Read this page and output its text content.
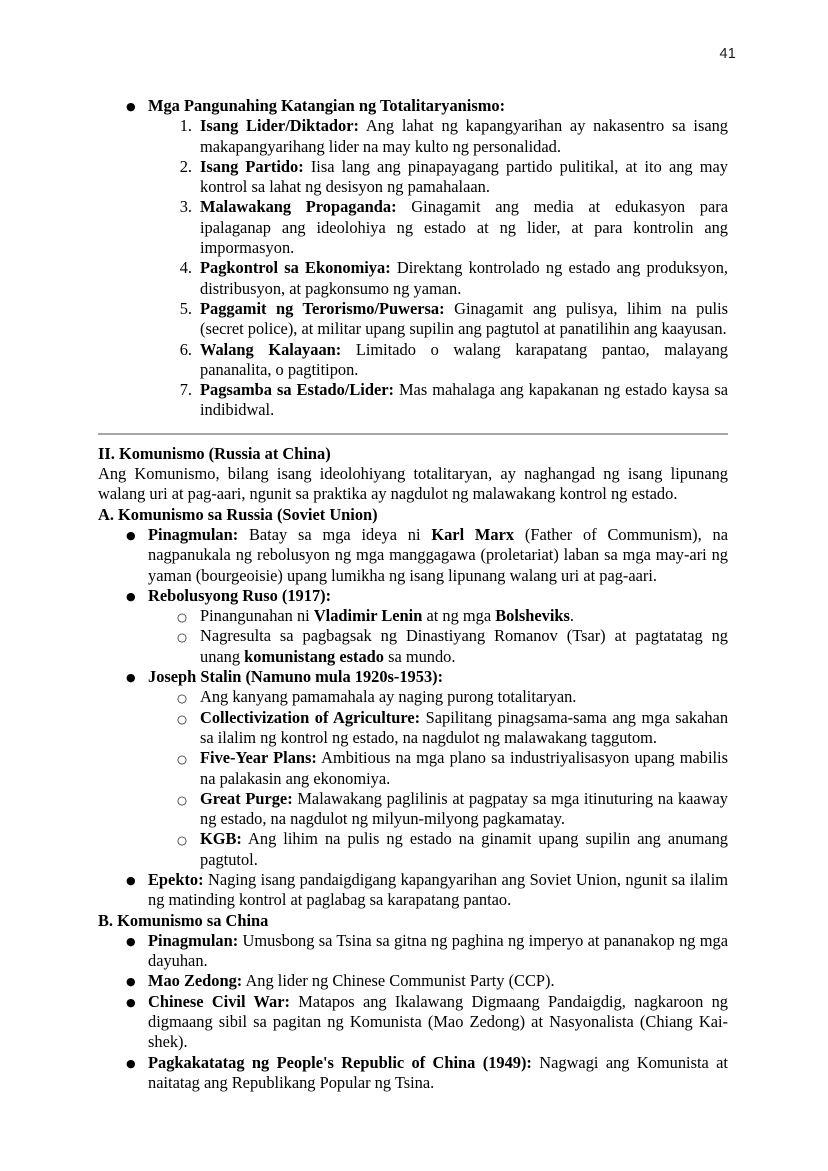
41
● Mga Pangunahing Katangian ng Totalitaryanismo:
1. Isang Lider/Diktador: Ang lahat ng kapangyarihan ay nakasentro sa isang makapangyarihang lider na may kulto ng personalidad.
2. Isang Partido: Iisa lang ang pinapayagang partido pulitikal, at ito ang may kontrol sa lahat ng desisyon ng pamahalaan.
3. Malawakang Propaganda: Ginagamit ang media at edukasyon para ipalaganap ang ideolohiya ng estado at ng lider, at para kontrolin ang impormasyon.
4. Pagkontrol sa Ekonomiya: Direktang kontrolado ng estado ang produksyon, distribusyon, at pagkonsumo ng yaman.
5. Paggamit ng Terorismo/Puwersa: Ginagamit ang pulisya, lihim na pulis (secret police), at militar upang supilin ang pagtutol at panatilihin ang kaayusan.
6. Walang Kalayaan: Limitado o walang karapatang pantao, malayang pananalita, o pagtitipon.
7. Pagsamba sa Estado/Lider: Mas mahalaga ang kapakanan ng estado kaysa sa indibidwal.

II. Komunismo (Russia at China)

Ang Komunismo, bilang isang ideolohiyang totalitaryan, ay naghangad ng isang lipunang walang uri at pag-aari, ngunit sa praktika ay nagdulot ng malawakang kontrol ng estado.

A. Komunismo sa Russia (Soviet Union)

● Pinagmulan: Batay sa mga ideya ni Karl Marx (Father of Communism), na nagpanukala ng rebolusyon ng mga manggagawa (proletariat) laban sa mga may-ari ng yaman (bourgeoisie) upang lumikha ng isang lipunang walang uri at pag-aari.
● Rebolusyong Ruso (1917):
○ Pinangunahan ni Vladimir Lenin at ng mga Bolsheviks.
○ Nagresulta sa pagbagsak ng Dinastiyang Romanov (Tsar) at pagtatatag ng unang komunistang estado sa mundo.
● Joseph Stalin (Namuno mula 1920s-1953):
○ Ang kanyang pamamahala ay naging purong totalitaryan.
○ Collectivization of Agriculture: Sapilitang pinagsama-sama ang mga sakahan sa ilalim ng kontrol ng estado, na nagdulot ng malawakang taggutom.
○ Five-Year Plans: Ambitious na mga plano sa industriyalisasyon upang mabilis na palakasin ang ekonomiya.
○ Great Purge: Malawakang paglilinis at pagpatay sa mga itinuturing na kaaway ng estado, na nagdulot ng milyun-milyong pagkamatay.
○ KGB: Ang lihim na pulis ng estado na ginamit upang supilin ang anumang pagtutol.
● Epekto: Naging isang pandaigdigang kapangyarihan ang Soviet Union, ngunit sa ilalim ng matinding kontrol at paglabag sa karapatang pantao.

B. Komunismo sa China

● Pinagmulan: Umusbong sa Tsina sa gitna ng paghina ng imperyo at pananakop ng mga dayuhan.
● Mao Zedong: Ang lider ng Chinese Communist Party (CCP).
● Chinese Civil War: Matapos ang Ikalawang Digmaang Pandaigdig, nagkaroon ng digmaang sibil sa pagitan ng Komunista (Mao Zedong) at Nasyonalista (Chiang Kai-shek).
● Pagkakatatag ng People's Republic of China (1949): Nagwagi ang Komunista at naitatag ang Republikang Popular ng Tsina.
